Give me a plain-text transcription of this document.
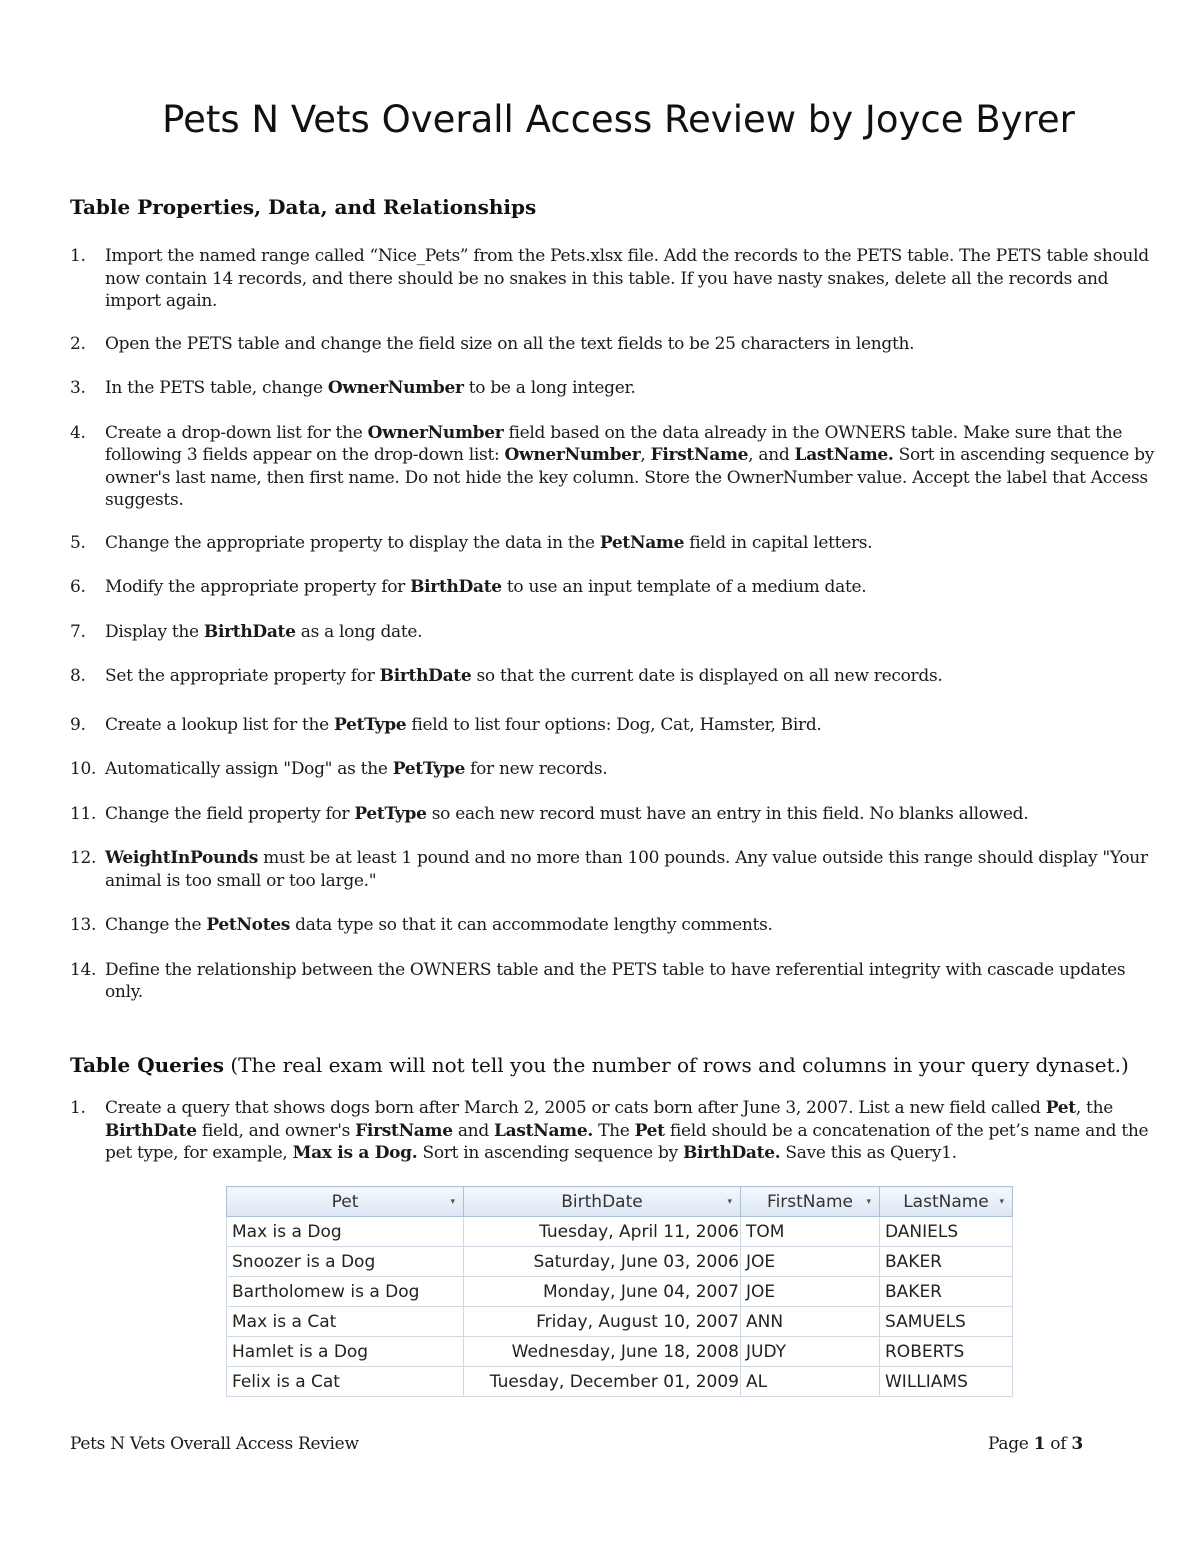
Pets N Vets Overall Access Review by Joyce Byrer
Table Properties, Data, and Relationships
1. Import the named range called “Nice_Pets” from the Pets.xlsx file. Add the records to the PETS table. The PETS table should now contain 14 records, and there should be no snakes in this table. If you have nasty snakes, delete all the records and import again.
2. Open the PETS table and change the field size on all the text fields to be 25 characters in length.
3. In the PETS table, change OwnerNumber to be a long integer.
4. Create a drop-down list for the OwnerNumber field based on the data already in the OWNERS table. Make sure that the following 3 fields appear on the drop-down list: OwnerNumber, FirstName, and LastName. Sort in ascending sequence by owner's last name, then first name. Do not hide the key column. Store the OwnerNumber value. Accept the label that Access suggests.
5. Change the appropriate property to display the data in the PetName field in capital letters.
6. Modify the appropriate property for BirthDate to use an input template of a medium date.
7. Display the BirthDate as a long date.
8. Set the appropriate property for BirthDate so that the current date is displayed on all new records.
9. Create a lookup list for the PetType field to list four options: Dog, Cat, Hamster, Bird.
10. Automatically assign "Dog" as the PetType for new records.
11. Change the field property for PetType so each new record must have an entry in this field. No blanks allowed.
12. WeightInPounds must be at least 1 pound and no more than 100 pounds. Any value outside this range should display "Your animal is too small or too large."
13. Change the PetNotes data type so that it can accommodate lengthy comments.
14. Define the relationship between the OWNERS table and the PETS table to have referential integrity with cascade updates only.
Table Queries (The real exam will not tell you the number of rows and columns in your query dynaset.)
1. Create a query that shows dogs born after March 2, 2005 or cats born after June 3, 2007. List a new field called Pet, the BirthDate field, and owner's FirstName and LastName. The Pet field should be a concatenation of the pet’s name and the pet type, for example, Max is a Dog. Sort in ascending sequence by BirthDate. Save this as Query1.
Pet ▾	BirthDate ▾	FirstName ▾	LastName ▾

Max is a Dog	Tuesday, April 11, 2006	TOM	DANIELS
Snoozer is a Dog	Saturday, June 03, 2006	JOE	BAKER
Bartholomew is a Dog	Monday, June 04, 2007	JOE	BAKER
Max is a Cat	Friday, August 10, 2007	ANN	SAMUELS
Hamlet is a Dog	Wednesday, June 18, 2008	JUDY	ROBERTS
Felix is a Cat	Tuesday, December 01, 2009	AL	WILLIAMS
Pets N Vets Overall Access Review	Page 1 of 3
